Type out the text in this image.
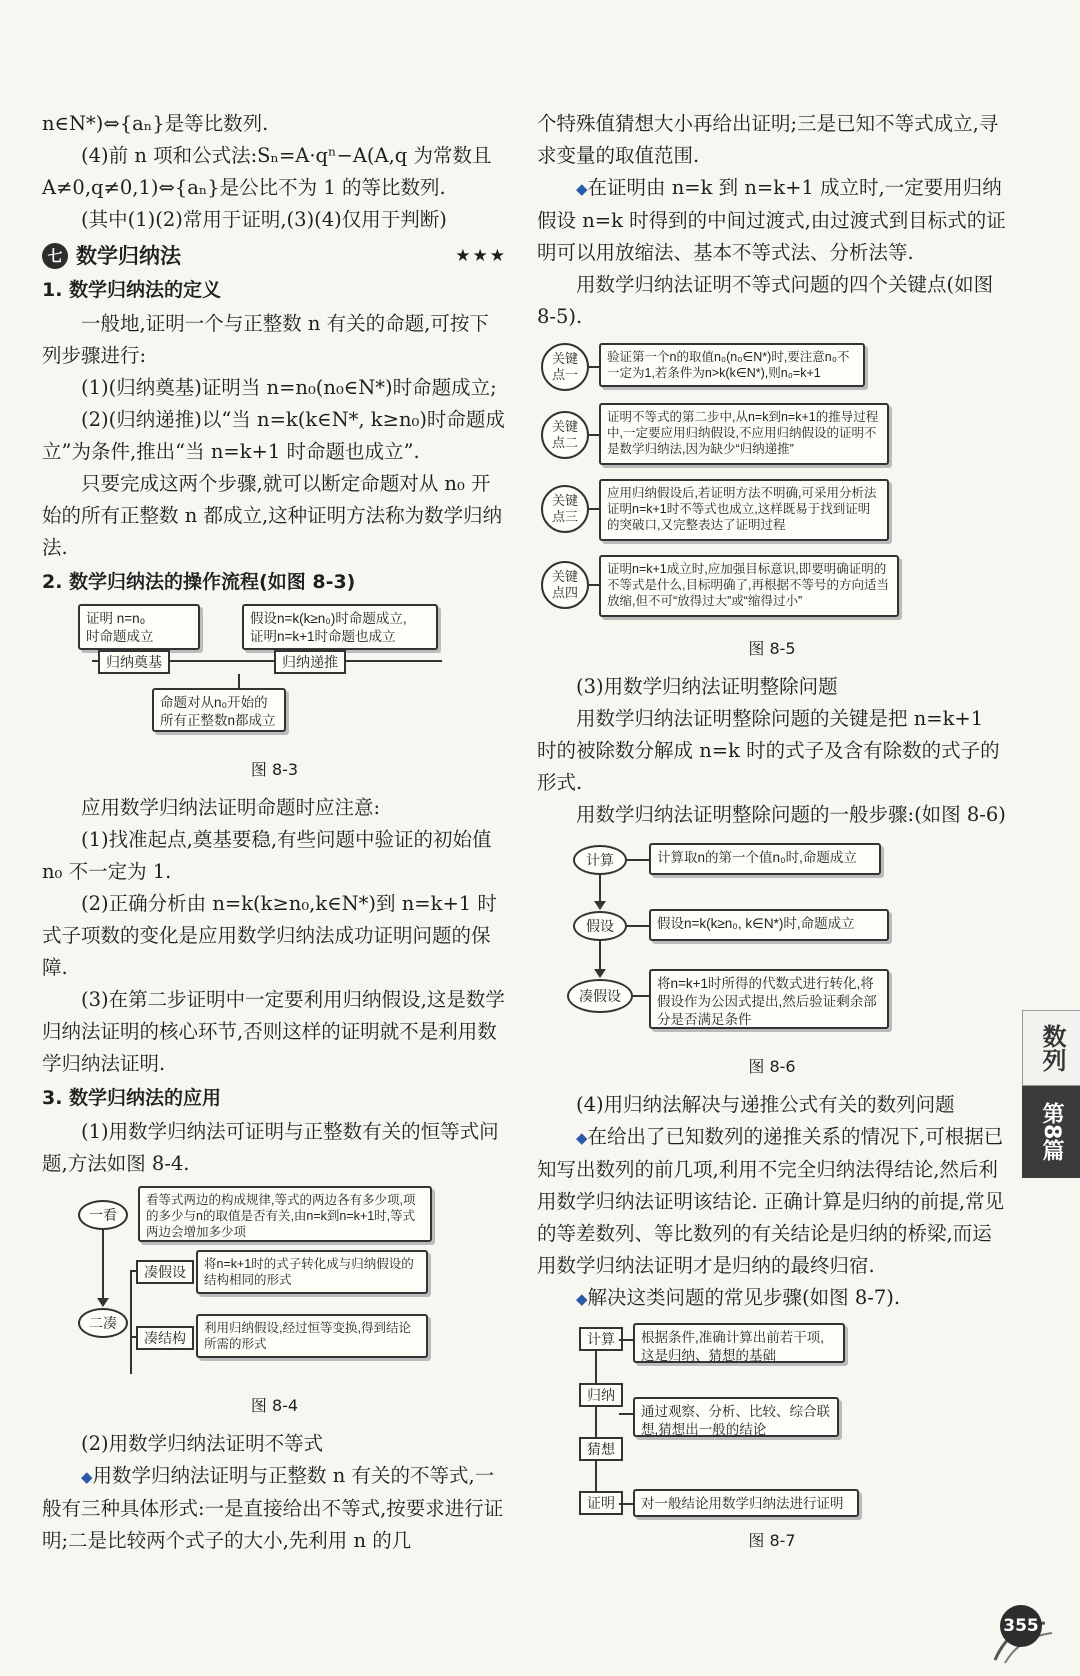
n∈N*)⇔{aₙ}是等比数列.

(4)前 n 项和公式法:Sₙ=A·qⁿ−A(A,q 为常数且A≠0,q≠0,1)⇔{aₙ}是公比不为 1 的等比数列.

(其中(1)(2)常用于证明,(3)(4)仅用于判断)

七 数学归纳法	★★★
1. 数学归纳法的定义

一般地,证明一个与正整数 n 有关的命题,可按下列步骤进行:

(1)(归纳奠基)证明当 n=n₀(n₀∈N*)时命题成立;

(2)(归纳递推)以“当 n=k(k∈N*, k≥n₀)时命题成立”为条件,推出“当 n=k+1 时命题也成立”.

只要完成这两个步骤,就可以断定命题对从 n₀ 开始的所有正整数 n 都成立,这种证明方法称为数学归纳法.

2. 数学归纳法的操作流程(如图 8-3)
证明 n=n₀
时命题成立
假设n=k(k≥n₀)时命题成立,
证明n=k+1时命题也成立
归纳奠基	归纳递推
命题对从n₀开始的
所有正整数n都成立
图 8-3

应用数学归纳法证明命题时应注意:

(1)找准起点,奠基要稳,有些问题中验证的初始值 n₀ 不一定为 1.

(2)正确分析由 n=k(k≥n₀,k∈N*)到 n=k+1 时式子项数的变化是应用数学归纳法成功证明问题的保障.

(3)在第二步证明中一定要利用归纳假设,这是数学归纳法证明的核心环节,否则这样的证明就不是利用数学归纳法证明.

3. 数学归纳法的应用

(1)用数学归纳法可证明与正整数有关的恒等式问题,方法如图 8-4.

一看
看等式两边的构成规律,等式的两边各有多少项,项的多少与n的取值是否有关,由n=k到n=k+1时,等式两边会增加多少项
二凑
凑假设	将n=k+1时的式子转化成与归纳假设的结构相同的形式
凑结构
利用归纳假设,经过恒等变换,得到结论所需的形式
图 8-4

(2)用数学归纳法证明不等式

◆用数学归纳法证明与正整数 n 有关的不等式,一般有三种具体形式:一是直接给出不等式,按要求进行证明;二是比较两个式子的大小,先利用 n 的几

个特殊值猜想大小再给出证明;三是已知不等式成立,寻求变量的取值范围.

◆在证明由 n=k 到 n=k+1 成立时,一定要用归纳假设 n=k 时得到的中间过渡式,由过渡式到目标式的证明可以用放缩法、基本不等式法、分析法等.

用数学归纳法证明不等式问题的四个关键点(如图 8-5).

关键
点一
验证第一个n的取值n₀(n₀∈N*)时,要注意n₀不一定为1,若条件为n>k(k∈N*),则n₀=k+1
关键
点二
证明不等式的第二步中,从n=k到n=k+1的推导过程中,一定要应用归纳假设,不应用归纳假设的证明不是数学归纳法,因为缺少“归纳递推”
关键
点三
应用归纳假设后,若证明方法不明确,可采用分析法证明n=k+1时不等式也成立,这样既易于找到证明的突破口,又完整表达了证明过程
关键
点四
证明n=k+1成立时,应加强目标意识,即要明确证明的不等式是什么,目标明确了,再根据不等号的方向适当放缩,但不可“放得过大”或“缩得过小”
图 8-5

(3)用数学归纳法证明整除问题

用数学归纳法证明整除问题的关键是把 n=k+1 时的被除数分解成 n=k 时的式子及含有除数的式子的形式.

用数学归纳法证明整除问题的一般步骤:(如图 8-6)

计算	计算取n的第一个值n₀时,命题成立
假设	假设n=k(k≥n₀, k∈N*)时,命题成立
凑假设
将n=k+1时所得的代数式进行转化,将假设作为公因式提出,然后验证剩余部分是否满足条件
图 8-6

(4)用归纳法解决与递推公式有关的数列问题

◆在给出了已知数列的递推关系的情况下,可根据已知写出数列的前几项,利用不完全归纳法得结论,然后利用数学归纳法证明该结论. 正确计算是归纳的前提,常见的等差数列、等比数列的有关结论是归纳的桥梁,而运用数学归纳法证明才是归纳的最终归宿.

◆解决这类问题的常见步骤(如图 8-7).

计算	根据条件,准确计算出前若干项,这是归纳、猜想的基础
归纳
通过观察、分析、比较、综合联想,猜想出一般的结论
猜想
证明	对一般结论用数学归纳法进行证明
图 8-7
数列
第8篇
355
